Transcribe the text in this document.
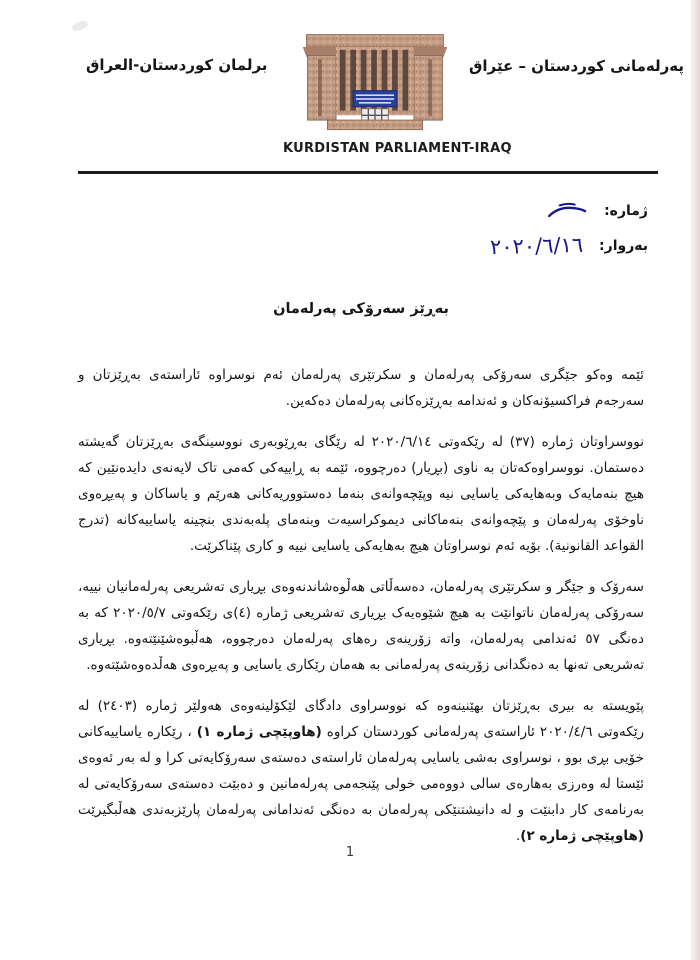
برلمان كوردستان-العراق	پەرلەمانی کوردستان – عێراق
KURDISTAN PARLIAMENT-IRAQ
ژمارە:
بەروار:
٢٠٢٠/٦/١٦
بەڕێز سەرۆکی پەرلەمان

ئێمە وەکو جێگری سەرۆکی پەرلەمان و سکرتێری پەرلەمان ئەم نوسراوە ئاراستەی بەڕێزتان و سەرجەم فراکسیۆنەکان و ئەندامە بەڕێزەکانی پەرلەمان دەکەین.

نووسراوتان ژمارە (٣٧) لە رێکەوتی ٢٠٢٠/٦/١٤ لە رێگای بەڕێوبەری نووسینگەی بەڕێزتان گەیشتە دەستمان. نووسراوەکەتان بە ناوی (بڕیار) دەرچووە، ئێمە بە ڕاییەکی کەمی تاک لایەنەی دایدەنێین کە هیچ بنەمایەک وبەهایەکی یاسایی نیە وپێچەوانەی بنەما دەستووریەکانی هەرێم و یاساکان و پەیڕەوی ناوخۆی پەرلەمان و پێچەوانەی بنەماکانی دیموکراسیەت وبنەمای پلەبەندی بنچینە یاساییەکانە (تدرج القواعد القانونية). بۆیە ئەم نوسراوتان هیچ بەهایەکی یاسایی نییە و کاری پێناکرێت.

سەرۆک و جێگر و سکرتێری پەرلەمان، دەسەڵاتی هەڵوەشاندنەوەی بڕیاری تەشریعی پەرلەمانیان نییە، سەرۆکی پەرلەمان ناتوانێت بە هیچ شێوەیەک بڕیاری تەشریعی ژمارە (٤)ی رێکەوتی ٢٠٢٠/٥/٧ کە بە دەنگی ٥٧ ئەندامی پەرلەمان، واتە زۆرینەی رەهای پەرلەمان دەرچووە، هەڵبوەشێنێتەوە. بڕیاری تەشریعی تەنها بە دەنگدانی زۆرینەی پەرلەمانی بە هەمان رێکاری یاسایی و پەیڕەوی هەڵدەوەشێتەوە.

پێویستە بە بیری بەڕێزتان بهێنینەوە کە نووسراوی دادگای لێکۆلینەوەی هەولێر ژمارە (٢٤٠٣) لە رێکەوتی ٢٠٢٠/٤/٦ ئاراستەی پەرلەمانی کوردستان کراوە (هاوپێچی ژمارە ١) ، رێکارە یاساییەکانی خۆیی بڕی بوو ، نوسراوی بەشی یاسایی پەرلەمان ئاراستەی دەستەی سەرۆکایەتی کرا و لە بەر ئەوەی ئێستا لە وەرزی بەهارەی سالی دووەمی خولی پێنجەمی پەرلەمانین و دەبێت دەستەی سەرۆکایەتی لە بەرنامەی کار دابنێت و لە دانیشتنێکی پەرلەمان بە دەنگی ئەندامانی پەرلەمان پارێزبەندی هەڵبگیرێت (هاوپێچی ژمارە ٢).

1
